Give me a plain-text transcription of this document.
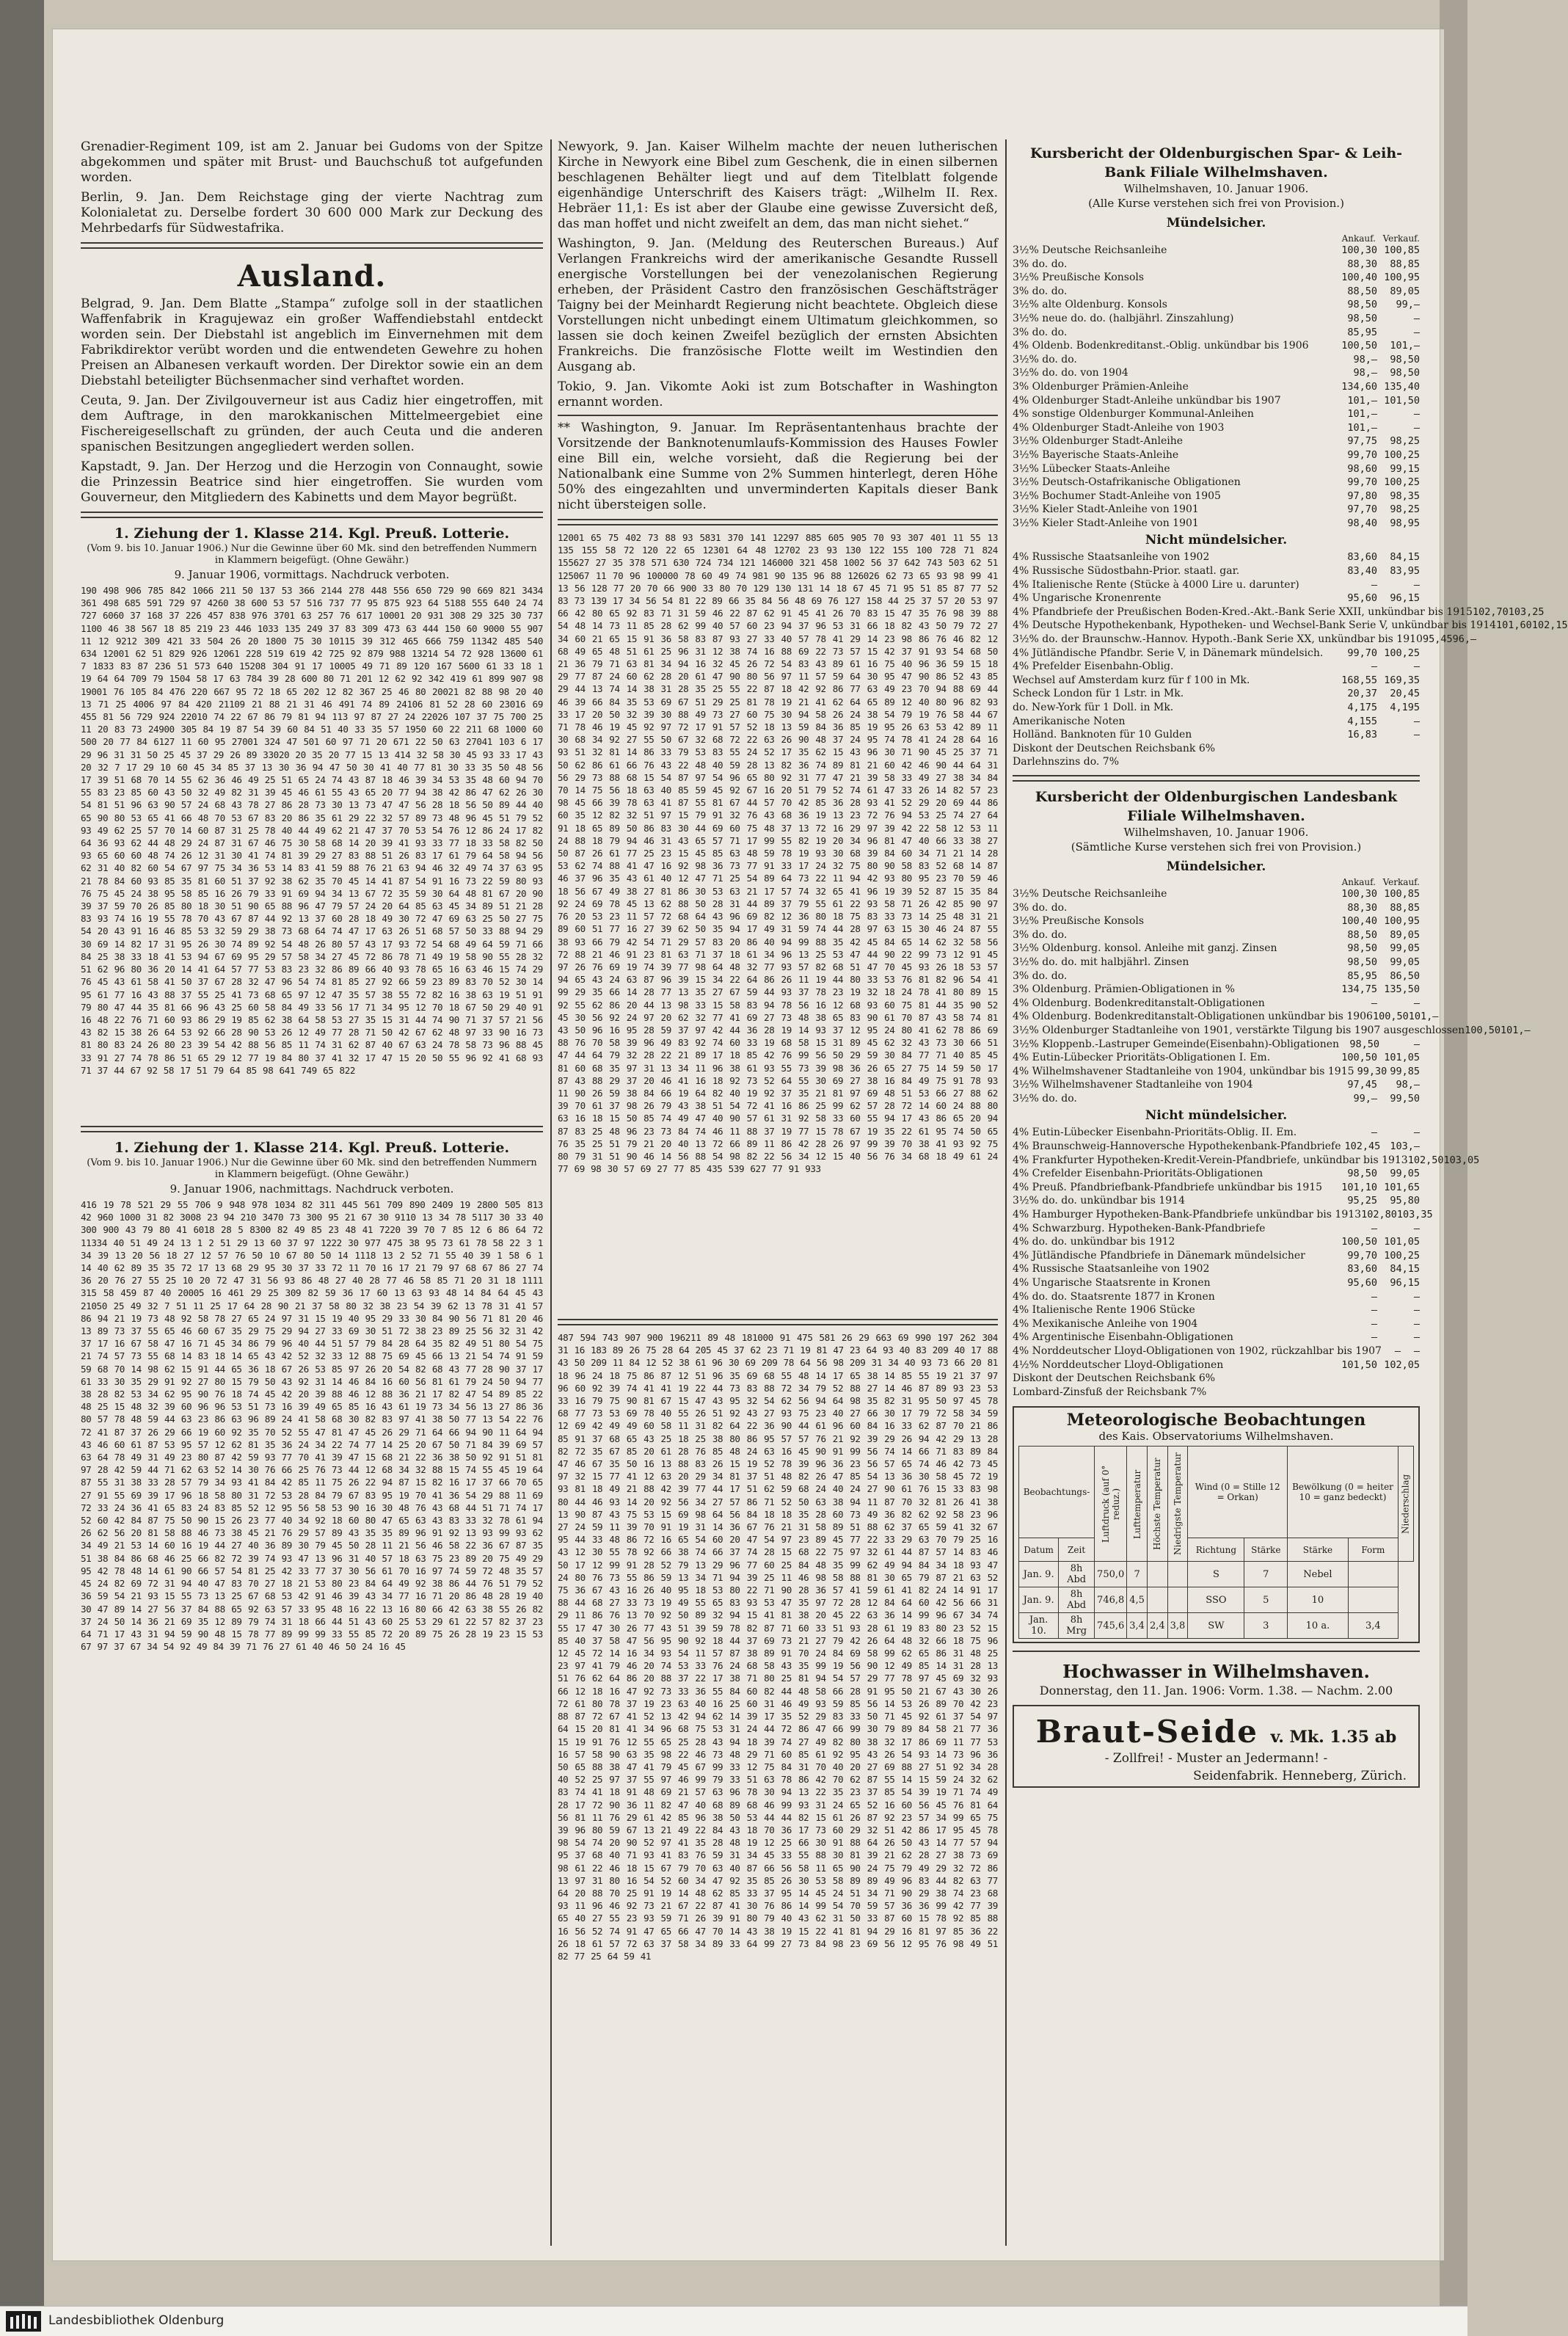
Grenadier-Regiment 109, ist am 2. Januar bei Gudoms von der Spitze abgekommen und später mit Brust- und Bauchschuß tot aufgefunden worden.

Berlin, 9. Jan. Dem Reichstage ging der vierte Nachtrag zum Kolonialetat zu. Derselbe fordert 30 600 000 Mark zur Deckung des Mehrbedarfs für Südwestafrika.

Ausland.

Belgrad, 9. Jan. Dem Blatte „Stampa“ zufolge soll in der staatlichen Waffenfabrik in Kragujewaz ein großer Waffendiebstahl entdeckt worden sein. Der Diebstahl ist angeblich im Einvernehmen mit dem Fabrikdirektor verübt worden und die entwendeten Gewehre zu hohen Preisen an Albanesen verkauft worden. Der Direktor sowie ein an dem Diebstahl beteiligter Büchsenmacher sind verhaftet worden.

Ceuta, 9. Jan. Der Zivilgouverneur ist aus Cadiz hier eingetroffen, mit dem Auftrage, in den marokkanischen Mittelmeergebiet eine Fischereigesellschaft zu gründen, der auch Ceuta und die anderen spanischen Besitzungen angegliedert werden sollen.

Kapstadt, 9. Jan. Der Herzog und die Herzogin von Connaught, sowie die Prinzessin Beatrice sind hier eingetroffen. Sie wurden vom Gouverneur, den Mitgliedern des Kabinetts und dem Mayor begrüßt.

1. Ziehung der 1. Klasse 214. Kgl. Preuß. Lotterie.
(Vom 9. bis 10. Januar 1906.) Nur die Gewinne über 60 Mk. sind den betreffenden Nummern in Klammern beigefügt. (Ohne Gewähr.)
9. Januar 1906, vormittags. Nachdruck verboten.
190 498 906 785 842 1066 211 50 137 53 366 2144 278 448 556 650 729 90 669 821 3434 361 498 685 591 729 97 4260 38 600 53 57 516 737 77 95 875 923 64 5188 555 640 24 74 727 6060 37 168 37 226 457 838 976 3701 63 257 76 617 10001 20 931 308 29 325 30 737 1100 46 38 567 18 85 219 23 446 1033 135 249 37 83 309 473 63 444 150 60 9000 55 907 11 12 9212 309 421 33 504 26 20 1800 75 30 10115 39 312 465 666 759 11342 485 540 634 12001 62 51 829 926 12061 228 519 619 42 725 92 879 988 13214 54 72 928 13600 61 7 1833 83 87 236 51 573 640 15208 304 91 17 10005 49 71 89 120 167 5600 61 33 18 1 19 64 64 709 79 1504 58 17 63 784 39 28 600 80 71 201 12 62 92 342 419 61 899 907 98 19001 76 105 84 476 220 667 95 72 18 65 202 12 82 367 25 46 80 20021 82 88 98 20 40 13 71 25 4006 97 84 420 21109 21 88 21 31 46 491 74 89 24106 81 52 28 60 23016 69 455 81 56 729 924 22010 74 22 67 86 79 81 94 113 97 87 27 24 22026 107 37 75 700 25 11 20 83 73 24900 305 84 19 87 54 39 60 84 51 40 33 35 57 1950 60 22 211 68 1000 60 500 20 77 84 6127 11 60 95 27001 324 47 501 60 97 71 20 671 22 50 63 27041 103 6 17 29 96 31 31 50 25 45 37 29 26 89 33020 20 35 20 77 15 13 414 32 58 30 45 93 33 17 43 20 32 7 17 29 10 60 45 34 85 37 13 30 36 94 47 50 30 41 40 77 81 30 33 35 50 48 56 17 39 51 68 70 14 55 62 36 46 49 25 51 65 24 74 43 87 18 46 39 34 53 35 48 60 94 70 55 83 23 85 60 43 50 32 49 82 31 39 45 46 61 55 43 65 20 77 94 38 42 86 47 62 26 30 54 81 51 96 63 90 57 24 68 43 78 27 86 28 73 30 13 73 47 47 56 28 18 56 50 89 44 40 65 90 80 53 65 41 66 48 70 53 67 83 20 86 35 61 29 22 32 57 89 73 48 96 45 51 79 52 93 49 62 25 57 70 14 60 87 31 25 78 40 44 49 62 21 47 37 70 53 54 76 12 86 24 17 82 64 36 93 62 44 48 29 24 87 31 67 46 75 30 58 68 14 20 39 41 93 33 77 18 33 58 82 50 93 65 60 60 48 74 26 12 31 30 41 74 81 39 29 27 83 88 51 26 83 17 61 79 64 58 94 56 62 31 40 82 60 54 67 97 75 34 36 53 14 83 41 59 88 76 21 63 94 46 32 49 74 37 63 95 21 78 84 60 93 85 35 81 60 51 37 92 38 62 35 70 45 14 41 87 54 91 16 73 22 59 80 93 76 75 45 24 38 95 58 85 16 26 79 33 91 69 94 34 13 67 72 35 59 30 64 48 81 67 20 90 39 37 59 70 26 85 80 18 30 51 90 65 88 96 47 79 57 24 20 64 85 63 45 34 89 51 21 28 83 93 74 16 19 55 78 70 43 67 87 44 92 13 37 60 28 18 49 30 72 47 69 63 25 50 27 75 54 20 43 91 16 46 85 53 32 59 29 38 73 68 64 74 47 17 63 26 51 68 57 50 33 88 94 29 30 69 14 82 17 31 95 26 30 74 89 92 54 48 26 80 57 43 17 93 72 54 68 49 64 59 71 66 84 25 38 33 18 41 53 94 67 69 95 29 57 58 34 27 45 72 86 78 71 49 19 58 90 55 28 32 51 62 96 80 36 20 14 41 64 57 77 53 83 23 32 86 89 66 40 93 78 65 16 63 46 15 74 29 76 45 43 61 58 41 50 37 67 28 32 47 96 54 74 81 85 27 92 66 59 23 89 83 70 52 30 14 95 61 77 16 43 88 37 55 25 41 73 68 65 97 12 47 35 57 38 55 72 82 16 38 63 19 51 91 79 80 47 44 35 81 66 96 43 25 60 58 84 49 33 56 17 71 34 95 12 70 18 67 50 29 40 91 16 48 22 76 71 60 93 86 29 19 85 62 38 64 58 53 27 35 15 31 44 74 90 71 37 57 21 56 43 82 15 38 26 64 53 92 66 28 90 53 26 12 49 77 28 71 50 42 67 62 48 97 33 90 16 73 81 80 83 24 26 80 23 39 54 42 88 56 85 11 74 31 62 87 40 67 63 24 78 58 73 96 88 45 33 91 27 74 78 86 51 65 29 12 77 19 84 80 37 41 32 17 47 15 20 50 55 96 92 41 68 93 71 37 44 67 92 58 17 51 79 64 85 98 641 749 65 822
1. Ziehung der 1. Klasse 214. Kgl. Preuß. Lotterie.
(Vom 9. bis 10. Januar 1906.) Nur die Gewinne über 60 Mk. sind den betreffenden Nummern in Klammern beigefügt. (Ohne Gewähr.)
9. Januar 1906, nachmittags. Nachdruck verboten.
416 19 78 521 29 55 706 9 948 978 1034 82 311 445 561 709 890 2409 19 2800 505 813 42 960 1000 31 82 3008 23 94 210 3470 73 300 95 21 67 30 9110 13 34 78 5117 30 33 40 300 900 43 79 80 41 6018 28 5 8300 82 49 85 23 48 41 7220 39 70 7 85 12 6 86 64 72 11334 40 51 49 24 13 1 2 51 29 13 60 37 97 1222 30 977 475 38 95 73 61 78 58 22 3 1 34 39 13 20 56 18 27 12 57 76 50 10 67 80 50 14 1118 13 2 52 71 55 40 39 1 58 6 1 14 40 62 89 35 35 72 17 13 68 29 95 30 37 33 72 11 70 16 17 21 79 97 68 67 86 27 74 36 20 76 27 55 25 10 20 72 47 31 56 93 86 48 27 40 28 77 46 58 85 71 20 31 18 1111 315 58 459 87 40 20005 16 461 29 25 309 82 59 36 17 60 13 63 93 48 14 84 64 45 43 21050 25 49 32 7 51 11 25 17 64 28 90 21 37 58 80 32 38 23 54 39 62 13 78 31 41 57 86 94 21 19 73 48 92 58 78 27 65 24 97 31 15 19 40 95 29 33 30 84 90 56 71 81 20 46 13 89 73 37 55 65 46 60 67 35 29 75 29 94 27 33 69 30 51 72 38 23 89 25 56 32 31 42 37 17 16 67 58 47 16 71 45 34 86 79 96 40 44 51 57 79 84 28 64 35 82 49 51 80 54 75 21 74 57 73 55 68 14 83 18 14 65 43 42 52 32 33 12 88 75 69 45 66 13 21 54 74 91 59 59 68 70 14 98 62 15 91 44 65 36 18 67 26 53 85 97 26 20 54 82 68 43 77 28 90 37 17 61 33 30 35 29 91 92 27 80 15 79 50 43 92 31 14 46 84 16 60 56 81 61 79 24 50 94 77 38 28 82 53 34 62 95 90 76 18 74 45 42 20 39 88 46 12 88 36 21 17 82 47 54 89 85 22 48 25 15 48 32 39 60 96 96 53 51 73 16 39 49 65 85 16 43 61 19 73 34 56 13 27 86 36 80 57 78 48 59 44 63 23 86 63 96 89 24 41 58 68 30 82 83 97 41 38 50 77 13 54 22 76 72 41 87 37 26 29 66 19 60 92 35 70 52 55 47 81 47 45 26 29 71 64 66 94 90 11 64 94 43 46 60 61 87 53 95 57 12 62 81 35 36 24 34 22 74 77 14 25 20 67 50 71 84 39 69 57 63 64 78 49 31 49 23 80 87 42 59 93 77 70 41 39 47 15 68 21 22 36 38 50 92 91 51 81 97 28 42 59 44 71 62 63 52 14 30 76 66 25 76 73 44 12 68 34 32 88 15 74 55 45 19 64 87 55 31 38 33 28 57 79 34 93 41 84 42 85 11 75 26 22 94 87 15 82 16 17 37 66 70 65 27 91 55 69 39 17 96 18 58 80 31 72 53 28 84 79 67 83 95 19 70 41 36 54 29 88 11 69 72 33 24 36 41 65 83 24 83 85 52 12 95 56 58 53 90 16 30 48 76 43 68 44 51 71 74 17 52 60 42 84 87 75 50 90 15 26 23 77 40 34 92 18 60 80 47 65 63 43 83 33 32 78 61 94 26 62 56 20 81 58 88 46 73 38 45 21 76 29 57 89 43 35 35 89 96 91 92 13 93 99 93 62 34 49 21 53 14 60 16 19 44 27 40 36 89 30 79 45 50 28 11 21 56 46 58 22 36 67 87 35 51 38 84 86 68 46 25 66 82 72 39 74 93 47 13 96 31 40 57 18 63 75 23 89 20 75 49 29 95 42 78 48 14 61 90 66 57 54 81 25 42 33 77 37 30 56 61 70 16 97 74 59 72 48 35 57 45 24 82 69 72 31 94 40 47 83 70 27 18 21 53 80 23 84 64 49 92 38 86 44 76 51 79 52 36 59 54 21 93 15 55 73 13 25 67 68 53 42 91 46 39 43 34 77 16 71 20 86 48 28 19 40 30 47 89 14 27 56 37 84 88 65 92 63 57 33 95 48 16 22 13 16 80 66 42 63 38 55 26 82 37 24 50 14 36 21 69 35 12 89 79 74 31 18 66 44 51 43 60 25 53 29 61 22 57 82 37 23 64 71 17 43 31 94 59 90 48 15 78 77 89 99 99 33 55 85 72 20 89 75 26 28 19 23 15 53 67 97 37 67 34 54 92 49 84 39 71 76 27 61 40 46 50 24 16 45

Newyork, 9. Jan. Kaiser Wilhelm machte der neuen lutherischen Kirche in Newyork eine Bibel zum Geschenk, die in einen silbernen beschlagenen Behälter liegt und auf dem Titelblatt folgende eigenhändige Unterschrift des Kaisers trägt: „Wilhelm II. Rex. Hebräer 11,1: Es ist aber der Glaube eine gewisse Zuversicht deß, das man hoffet und nicht zweifelt an dem, das man nicht siehet.“

Washington, 9. Jan. (Meldung des Reuterschen Bureaus.) Auf Verlangen Frankreichs wird der amerikanische Gesandte Russell energische Vorstellungen bei der venezolanischen Regierung erheben, der Präsident Castro den französischen Geschäftsträger Taigny bei der Meinhardt Regierung nicht beachtete. Obgleich diese Vorstellungen nicht unbedingt einem Ultimatum gleichkommen, so lassen sie doch keinen Zweifel bezüglich der ernsten Absichten Frankreichs. Die französische Flotte weilt im Westindien den Ausgang ab.

Tokio, 9. Jan. Vikomte Aoki ist zum Botschafter in Washington ernannt worden.

** Washington, 9. Januar. Im Repräsentantenhaus brachte der Vorsitzende der Banknotenumlaufs-Kommission des Hauses Fowler eine Bill ein, welche vorsieht, daß die Regierung bei der Nationalbank eine Summe von 2% Summen hinterlegt, deren Höhe 50% des eingezahlten und unverminderten Kapitals dieser Bank nicht übersteigen solle.

12001 65 75 402 73 88 93 5831 370 141 12297 885 605 905 70 93 307 401 11 55 13 135 155 58 72 120 22 65 12301 64 48 12702 23 93 130 122 155 100 728 71 824 155627 27 35 378 571 630 724 734 121 146000 321 458 1002 56 37 642 743 503 62 51 125067 11 70 96 100000 78 60 49 74 981 90 135 96 88 126026 62 73 65 93 98 99 41 13 56 128 77 20 70 66 900 33 80 70 129 130 131 14 18 67 45 71 95 51 85 87 77 52 83 73 139 17 34 56 54 81 22 89 66 35 84 56 48 69 76 127 158 44 25 37 57 20 53 97 66 42 80 65 92 83 71 31 59 46 22 87 62 91 45 41 26 70 83 15 47 35 76 98 39 88 54 48 14 73 11 85 28 62 99 40 57 60 23 94 37 96 53 31 66 18 82 43 50 79 72 27 34 60 21 65 15 91 36 58 83 87 93 27 33 40 57 78 41 29 14 23 98 86 76 46 82 12 68 49 65 48 51 61 25 96 31 12 38 74 16 88 69 22 73 57 15 42 37 91 93 54 68 50 21 36 79 71 63 81 34 94 16 32 45 26 72 54 83 43 89 61 16 75 40 96 36 59 15 18 29 77 87 24 60 62 28 20 61 47 90 80 56 97 11 57 59 64 30 95 47 90 86 52 43 85 29 44 13 74 14 38 31 28 35 25 55 22 87 18 42 92 86 77 63 49 23 70 94 88 69 44 46 39 66 84 35 53 69 67 51 29 25 81 78 19 21 41 62 64 65 89 12 40 80 96 82 93 33 17 20 50 32 39 30 88 49 73 27 60 75 30 94 58 26 24 38 54 79 19 76 58 44 67 71 78 46 19 45 92 97 72 17 91 57 52 18 13 59 84 36 85 19 95 26 63 53 42 89 11 30 68 34 92 27 55 50 67 32 68 72 22 63 26 90 48 37 24 95 74 78 41 24 28 64 16 93 51 32 81 14 86 33 79 53 83 55 24 52 17 35 62 15 43 96 30 71 90 45 25 37 71 50 62 86 61 66 76 43 22 48 40 59 28 13 82 36 74 89 81 21 60 42 46 90 44 64 31 56 29 73 88 68 15 54 87 97 54 96 65 80 92 31 77 47 21 39 58 33 49 27 38 34 84 70 14 75 56 18 63 40 85 59 45 92 67 16 20 51 79 52 74 61 47 33 26 14 82 57 23 98 45 66 39 78 63 41 87 55 81 67 44 57 70 42 85 36 28 93 41 52 29 20 69 44 86 60 35 12 82 32 51 97 15 79 91 32 76 43 68 36 19 13 23 72 76 94 53 25 74 27 64 91 18 65 89 50 86 83 30 44 69 60 75 48 37 13 72 16 29 97 39 42 22 58 12 53 11 24 88 18 79 94 46 31 43 65 57 71 17 99 55 82 19 20 34 96 81 47 40 66 33 38 27 50 87 26 61 77 25 23 15 45 85 63 48 59 78 19 93 30 68 39 84 60 34 71 21 14 28 53 62 74 88 41 47 16 92 98 36 73 77 91 33 17 24 32 75 80 90 58 83 52 68 14 87 46 37 96 35 43 61 40 12 47 71 25 54 89 64 73 22 11 94 42 93 80 95 23 70 59 46 18 56 67 49 38 27 81 86 30 53 63 21 17 57 74 32 65 41 96 19 39 52 87 15 35 84 92 24 69 78 45 13 62 88 50 28 31 44 89 37 79 55 61 22 93 58 71 26 42 85 90 97 76 20 53 23 11 57 72 68 64 43 96 69 82 12 36 80 18 75 83 33 73 14 25 48 31 21 89 60 51 77 16 27 39 62 50 35 94 17 49 31 59 74 44 28 97 63 15 30 46 24 87 55 38 93 66 79 42 54 71 29 57 83 20 86 40 94 99 88 35 42 45 84 65 14 62 32 58 56 72 88 21 46 91 23 81 63 71 37 18 61 34 96 13 25 53 47 44 90 22 99 73 12 91 45 97 26 76 69 19 74 39 77 98 64 48 32 77 93 57 82 68 51 47 70 45 93 26 18 53 57 94 65 43 24 63 87 96 39 15 34 22 64 86 26 11 19 44 80 33 53 76 81 82 96 54 41 99 29 35 66 14 28 77 13 35 27 67 59 44 93 37 78 23 19 32 18 24 78 41 80 89 15 92 55 62 86 20 44 13 98 33 15 58 83 94 78 56 16 12 68 93 60 75 81 44 35 90 52 45 30 56 92 24 97 20 62 32 77 41 69 27 73 48 38 65 83 90 61 70 87 43 58 74 81 43 50 96 16 95 28 59 37 97 42 44 36 28 19 14 93 37 12 95 24 80 41 62 78 86 69 88 76 70 58 39 96 49 83 92 74 60 33 19 68 58 15 31 89 45 62 32 43 73 30 66 51 47 44 64 79 32 28 22 21 89 17 18 85 42 76 99 56 50 29 59 30 84 77 71 40 85 45 81 60 68 35 97 31 13 34 11 96 38 61 93 55 73 39 98 36 26 65 27 75 14 59 50 17 87 43 88 29 37 20 46 41 16 18 92 73 52 64 55 30 69 27 38 16 84 49 75 91 78 93 11 90 26 59 38 84 66 19 64 82 40 19 92 37 35 21 81 97 69 48 51 53 66 27 88 62 39 70 61 37 98 26 79 43 38 51 54 72 41 16 86 25 99 62 57 28 72 14 60 24 88 80 63 16 18 15 50 85 74 49 47 40 90 57 61 31 92 58 33 60 55 94 17 43 86 65 20 94 87 83 25 48 96 23 73 84 74 46 11 88 37 19 77 15 78 67 19 35 22 61 95 74 50 65 76 35 25 51 79 21 20 40 13 72 66 89 11 86 42 28 26 97 99 39 70 38 41 93 92 75 80 79 31 51 90 46 14 56 88 54 98 82 22 56 34 12 15 40 56 76 34 68 18 49 61 24 77 69 98 30 57 69 27 77 85 435 539 627 77 91 933
487 594 743 907 900 196211 89 48 181000 91 475 581 26 29 663 69 990 197 262 304 31 16 183 89 26 75 28 64 205 45 37 62 23 71 19 81 47 23 64 93 40 83 209 40 17 88 43 50 209 11 84 12 52 38 61 96 30 69 209 78 64 56 98 209 31 34 40 93 73 66 20 81 18 96 24 18 75 86 87 12 51 96 35 69 68 55 48 14 17 65 38 14 85 55 19 21 37 97 96 60 92 39 74 41 41 19 22 44 73 83 88 72 34 79 52 88 27 14 46 87 89 93 23 53 33 16 79 75 90 81 67 15 47 43 95 32 54 62 56 94 64 98 35 82 31 95 50 97 45 78 68 77 73 53 69 78 40 55 26 51 92 43 27 93 75 23 40 27 66 30 17 79 72 58 34 59 12 69 42 49 49 60 58 11 31 82 64 22 36 90 44 61 96 60 84 16 33 62 87 70 21 86 85 91 37 68 65 43 25 18 25 38 80 86 95 57 57 76 21 92 39 29 26 94 42 29 13 28 82 72 35 67 85 20 61 28 76 85 48 24 63 16 45 90 91 99 56 74 14 66 71 83 89 84 47 46 67 35 50 16 13 88 83 26 15 19 52 78 39 96 36 23 56 57 65 74 46 42 73 45 97 32 15 77 41 12 63 20 29 34 81 37 51 48 82 26 47 85 54 13 36 30 58 45 72 19 93 81 18 49 21 88 42 39 77 44 17 51 62 59 68 24 40 24 27 90 61 76 15 33 83 98 80 44 46 93 14 20 92 56 34 27 57 86 71 52 50 63 38 94 11 87 70 32 81 26 41 38 13 90 87 43 75 53 15 69 98 64 56 84 18 18 35 28 60 73 49 36 82 62 92 58 23 96 27 24 59 11 39 70 91 19 31 14 36 67 76 21 31 58 89 51 88 62 37 65 59 41 32 67 95 44 33 48 86 72 16 65 54 60 20 47 54 97 23 89 45 77 22 33 29 63 70 79 25 16 43 12 30 55 78 92 66 38 74 66 37 74 28 15 68 22 75 97 32 61 44 87 57 14 83 46 50 17 12 99 91 28 52 79 13 29 96 77 60 25 84 48 35 99 62 49 94 84 34 18 93 47 24 80 76 73 55 86 59 13 34 71 94 39 25 11 46 98 58 88 81 30 65 79 87 21 63 52 75 36 67 43 16 26 40 95 18 53 80 22 71 90 28 36 57 41 59 61 41 82 24 14 91 17 88 44 68 27 33 73 19 49 55 65 83 93 53 47 35 97 72 28 12 84 64 60 42 56 66 31 29 11 86 76 13 70 92 50 89 32 94 15 41 81 38 20 45 22 63 36 14 99 96 67 34 74 55 17 47 30 26 77 43 51 39 59 78 82 87 71 60 33 51 93 28 61 19 83 80 23 52 15 85 40 37 58 47 56 95 90 92 18 44 37 69 73 21 27 79 42 26 64 48 32 66 18 75 96 12 45 72 14 16 34 93 54 11 57 87 38 89 91 70 24 84 69 58 99 62 65 86 31 48 25 23 97 41 79 46 20 74 53 33 76 24 68 58 43 35 99 19 56 90 12 49 85 14 31 28 13 51 76 62 64 86 20 88 37 22 17 38 71 80 25 81 94 54 57 29 77 78 97 45 69 32 93 66 12 18 16 47 92 73 33 36 55 84 60 82 44 48 58 66 28 91 95 50 21 67 43 30 26 72 61 80 78 37 19 23 63 40 16 25 60 31 46 49 93 59 85 56 14 53 26 89 70 42 23 88 87 72 67 41 52 13 42 94 62 14 39 17 35 52 29 83 33 50 71 45 92 61 37 54 97 64 15 20 81 41 34 96 68 75 53 31 24 44 72 86 47 66 99 30 79 89 84 58 21 77 36 15 19 91 76 12 55 65 25 28 43 94 18 39 74 27 49 82 80 38 32 17 86 69 11 77 53 16 57 58 90 63 35 98 22 46 73 48 29 71 60 85 61 92 95 43 26 54 93 14 73 96 36 50 65 88 38 47 41 79 45 67 99 33 12 75 84 31 70 40 20 27 69 88 27 51 92 34 28 40 52 25 97 37 55 97 46 99 79 33 51 63 78 86 42 70 62 87 55 14 15 59 24 32 62 83 74 41 18 91 48 69 21 57 63 96 78 30 94 13 22 35 23 37 85 54 39 19 71 74 49 28 17 72 90 36 11 82 47 40 68 89 68 46 99 93 31 24 65 52 16 60 56 45 76 81 64 56 81 11 76 29 61 42 85 96 38 50 53 44 44 82 15 61 26 87 92 23 57 34 99 65 75 39 96 80 59 67 13 21 49 22 84 43 18 70 36 17 73 60 29 32 51 42 86 17 95 45 78 98 54 74 20 90 52 97 41 35 28 48 19 12 25 66 30 91 88 64 26 50 43 14 77 57 94 95 37 68 40 71 93 41 83 76 59 31 34 45 33 55 88 30 81 39 21 62 28 27 38 73 69 98 61 22 46 18 15 67 79 70 63 40 87 66 56 58 11 65 90 24 75 79 49 29 32 72 86 13 97 31 80 16 54 52 60 34 47 92 35 85 26 30 53 58 89 89 49 96 83 44 82 63 77 64 20 88 70 25 91 19 14 48 62 85 33 37 95 14 45 24 51 34 71 90 29 38 74 23 68 93 11 96 46 92 73 21 67 22 87 41 30 76 86 14 99 54 70 59 57 36 36 99 42 77 39 65 40 27 55 23 93 59 71 26 39 91 80 79 40 43 62 31 50 33 87 60 15 78 92 85 88 16 56 52 74 91 47 65 66 47 70 14 43 38 19 15 22 41 81 94 29 16 81 97 85 36 22 26 18 61 57 72 63 37 58 34 89 33 64 99 27 73 84 98 23 69 56 12 95 76 98 49 51 82 77 25 64 59 41
Kursbericht der Oldenburgischen Spar- & Leih-Bank Filiale Wilhelmshaven.
Wilhelmshaven, 10. Januar 1906.
(Alle Kurse verstehen sich frei von Provision.)
Mündelsicher.
Ankauf. Verkauf.
3½% Deutsche Reichsanleihe	100,30 100,85
3% do. do.	88,30	88,85
3½% Preußische Konsols	100,40 100,95
3% do. do.	88,50	89,05
3½% alte Oldenburg. Konsols	98,50	99,—
3½% neue do. do. (halbjährl. Zinszahlung)	98,50	—
3% do. do.	85,95	—
4% Oldenb. Bodenkreditanst.-Oblig. unkündbar bis 1906	100,50	101,—
3½% do. do.	98,—	98,50
3½% do. do. von 1904	98,—	98,50
3% Oldenburger Prämien-Anleihe	134,60 135,40
4% Oldenburger Stadt-Anleihe unkündbar bis 1907	101,— 101,50
4% sonstige Oldenburger Kommunal-Anleihen	101,—	—
4% Oldenburger Stadt-Anleihe von 1903	101,—	—
3½% Oldenburger Stadt-Anleihe	97,75	98,25
3½% Bayerische Staats-Anleihe	99,70 100,25
3½% Lübecker Staats-Anleihe	98,60	99,15
3½% Deutsch-Ostafrikanische Obligationen	99,70 100,25
3½% Bochumer Stadt-Anleihe von 1905	97,80	98,35
3½% Kieler Stadt-Anleihe von 1901	97,70	98,25
3½% Kieler Stadt-Anleihe von 1901	98,40	98,95
Nicht mündelsicher.
4% Russische Staatsanleihe von 1902	83,60	84,15
4% Russische Südostbahn-Prior. staatl. gar.	83,40	83,95
4% Italienische Rente (Stücke à 4000 Lire u. darunter)	—	—
4% Ungarische Kronenrente	95,60	96,15
4% Pfandbriefe der Preußischen Boden-Kred.-Akt.-Bank Serie XXII, unkündbar bis 1915 102,70 103,25
4% Deutsche Hypothekenbank, Hypotheken- und Wechsel-Bank Serie V, unkündbar bis 1914 101,60 102,15
3½% do. der Braunschw.-Hannov. Hypoth.-Bank Serie XX, unkündbar bis 1910 95,45 96,—
4% Jütländische Pfandbr. Serie V, in Dänemark mündelsich.	99,70 100,25
4% Prefelder Eisenbahn-Oblig.	—	—
Wechsel auf Amsterdam kurz für f 100 in Mk.	168,55 169,35
Scheck London für 1 Lstr. in Mk.	20,37	20,45
do. New-York für 1 Doll. in Mk.	4,175	4,195
Amerikanische Noten	4,155	—
Holländ. Banknoten für 10 Gulden	16,83	—
Diskont der Deutschen Reichsbank 6%
Darlehnszins do. 7%
Kursbericht der Oldenburgischen Landesbank Filiale Wilhelmshaven.
Wilhelmshaven, 10. Januar 1906.
(Sämtliche Kurse verstehen sich frei von Provision.)
Mündelsicher.
Ankauf. Verkauf.
3½% Deutsche Reichsanleihe	100,30 100,85
3% do. do.	88,30	88,85
3½% Preußische Konsols	100,40 100,95
3% do. do.	88,50	89,05
3½% Oldenburg. konsol. Anleihe mit ganzj. Zinsen	98,50	99,05
3½% do. do. mit halbjährl. Zinsen	98,50	99,05
3% do. do.	85,95	86,50
3% Oldenburg. Prämien-Obligationen in %	134,75 135,50
4% Oldenburg. Bodenkreditanstalt-Obligationen	—	—
4% Oldenburg. Bodenkreditanstalt-Obligationen unkündbar bis 1906 100,50 101,—
3½% Oldenburger Stadtanleihe von 1901, verstärkte Tilgung bis 1907 ausgeschlossen 100,50 101,—
3½% Kloppenb.-Lastruper Gemeinde(Eisenbahn)-Obligationen	98,50	—
4% Eutin-Lübecker Prioritäts-Obligationen I. Em.	100,50 101,05
4% Wilhelmshavener Stadtanleihe von 1904, unkündbar bis 1915 99,30 99,85
3½% Wilhelmshavener Stadtanleihe von 1904	97,45	98,—
3½% do. do.	99,—	99,50
Nicht mündelsicher.
4% Eutin-Lübecker Eisenbahn-Prioritäts-Oblig. II. Em.	—	—
4% Braunschweig-Hannoversche Hypothekenbank-Pfandbriefe 102,45 103,—
4% Frankfurter Hypotheken-Kredit-Verein-Pfandbriefe, unkündbar bis 1913 102,50 103,05
4% Crefelder Eisenbahn-Prioritäts-Obligationen	98,50	99,05
4% Preuß. Pfandbriefbank-Pfandbriefe unkündbar bis 1915	101,10 101,65
3½% do. do. unkündbar bis 1914	95,25	95,80
4% Hamburger Hypotheken-Bank-Pfandbriefe unkündbar bis 1913 102,80 103,35
4% Schwarzburg. Hypotheken-Bank-Pfandbriefe	—	—
4% do. do. unkündbar bis 1912	100,50 101,05
4% Jütländische Pfandbriefe in Dänemark mündelsicher	99,70 100,25
4% Russische Staatsanleihe von 1902	83,60	84,15
4% Ungarische Staatsrente in Kronen	95,60	96,15
4% do. do. Staatsrente 1877 in Kronen	—	—
4% Italienische Rente 1906 Stücke	—	—
4% Mexikanische Anleihe von 1904	—	—
4% Argentinische Eisenbahn-Obligationen	—	—
4% Norddeutscher Lloyd-Obligationen von 1902, rückzahlbar bis 1907	—	—
4½% Norddeutscher Lloyd-Obligationen	101,50 102,05
Diskont der Deutschen Reichsbank 6%
Lombard-Zinsfuß der Reichsbank 7%
Meteorologische Beobachtungen
des Kais. Observatoriums Wilhelmshaven.
Beobachtungs-		Luftdruck (auf 0° reduz.)	Lufttemperatur	Höchste Temperatur	Niedrigste Temperatur	Wind (0 = Stille 12 = Orkan)		Bewölkung (0 = heiter 10 = ganz bedeckt)		Niederschlag
Datum	Zeit					Richtung	Stärke	Stärke	Form	
Jan. 9.	8h Abd	750,0	7			S	7	Nebel		
Jan. 9.	8h Abd	746,8	4,5			SSO	5	10		
Jan. 10.	8h Mrg	745,6	3,4	2,4	3,8	SW	3	10 a.	3,4	
Hochwasser in Wilhelmshaven.
Donnerstag, den 11. Jan. 1906: Vorm. 1.38. — Nachm. 2.00
Braut-Seide v. Mk. 1.35 ab
- Zollfrei! - Muster an Jedermann! -
Seidenfabrik. Henneberg, Zürich.
Landesbibliothek Oldenburg
